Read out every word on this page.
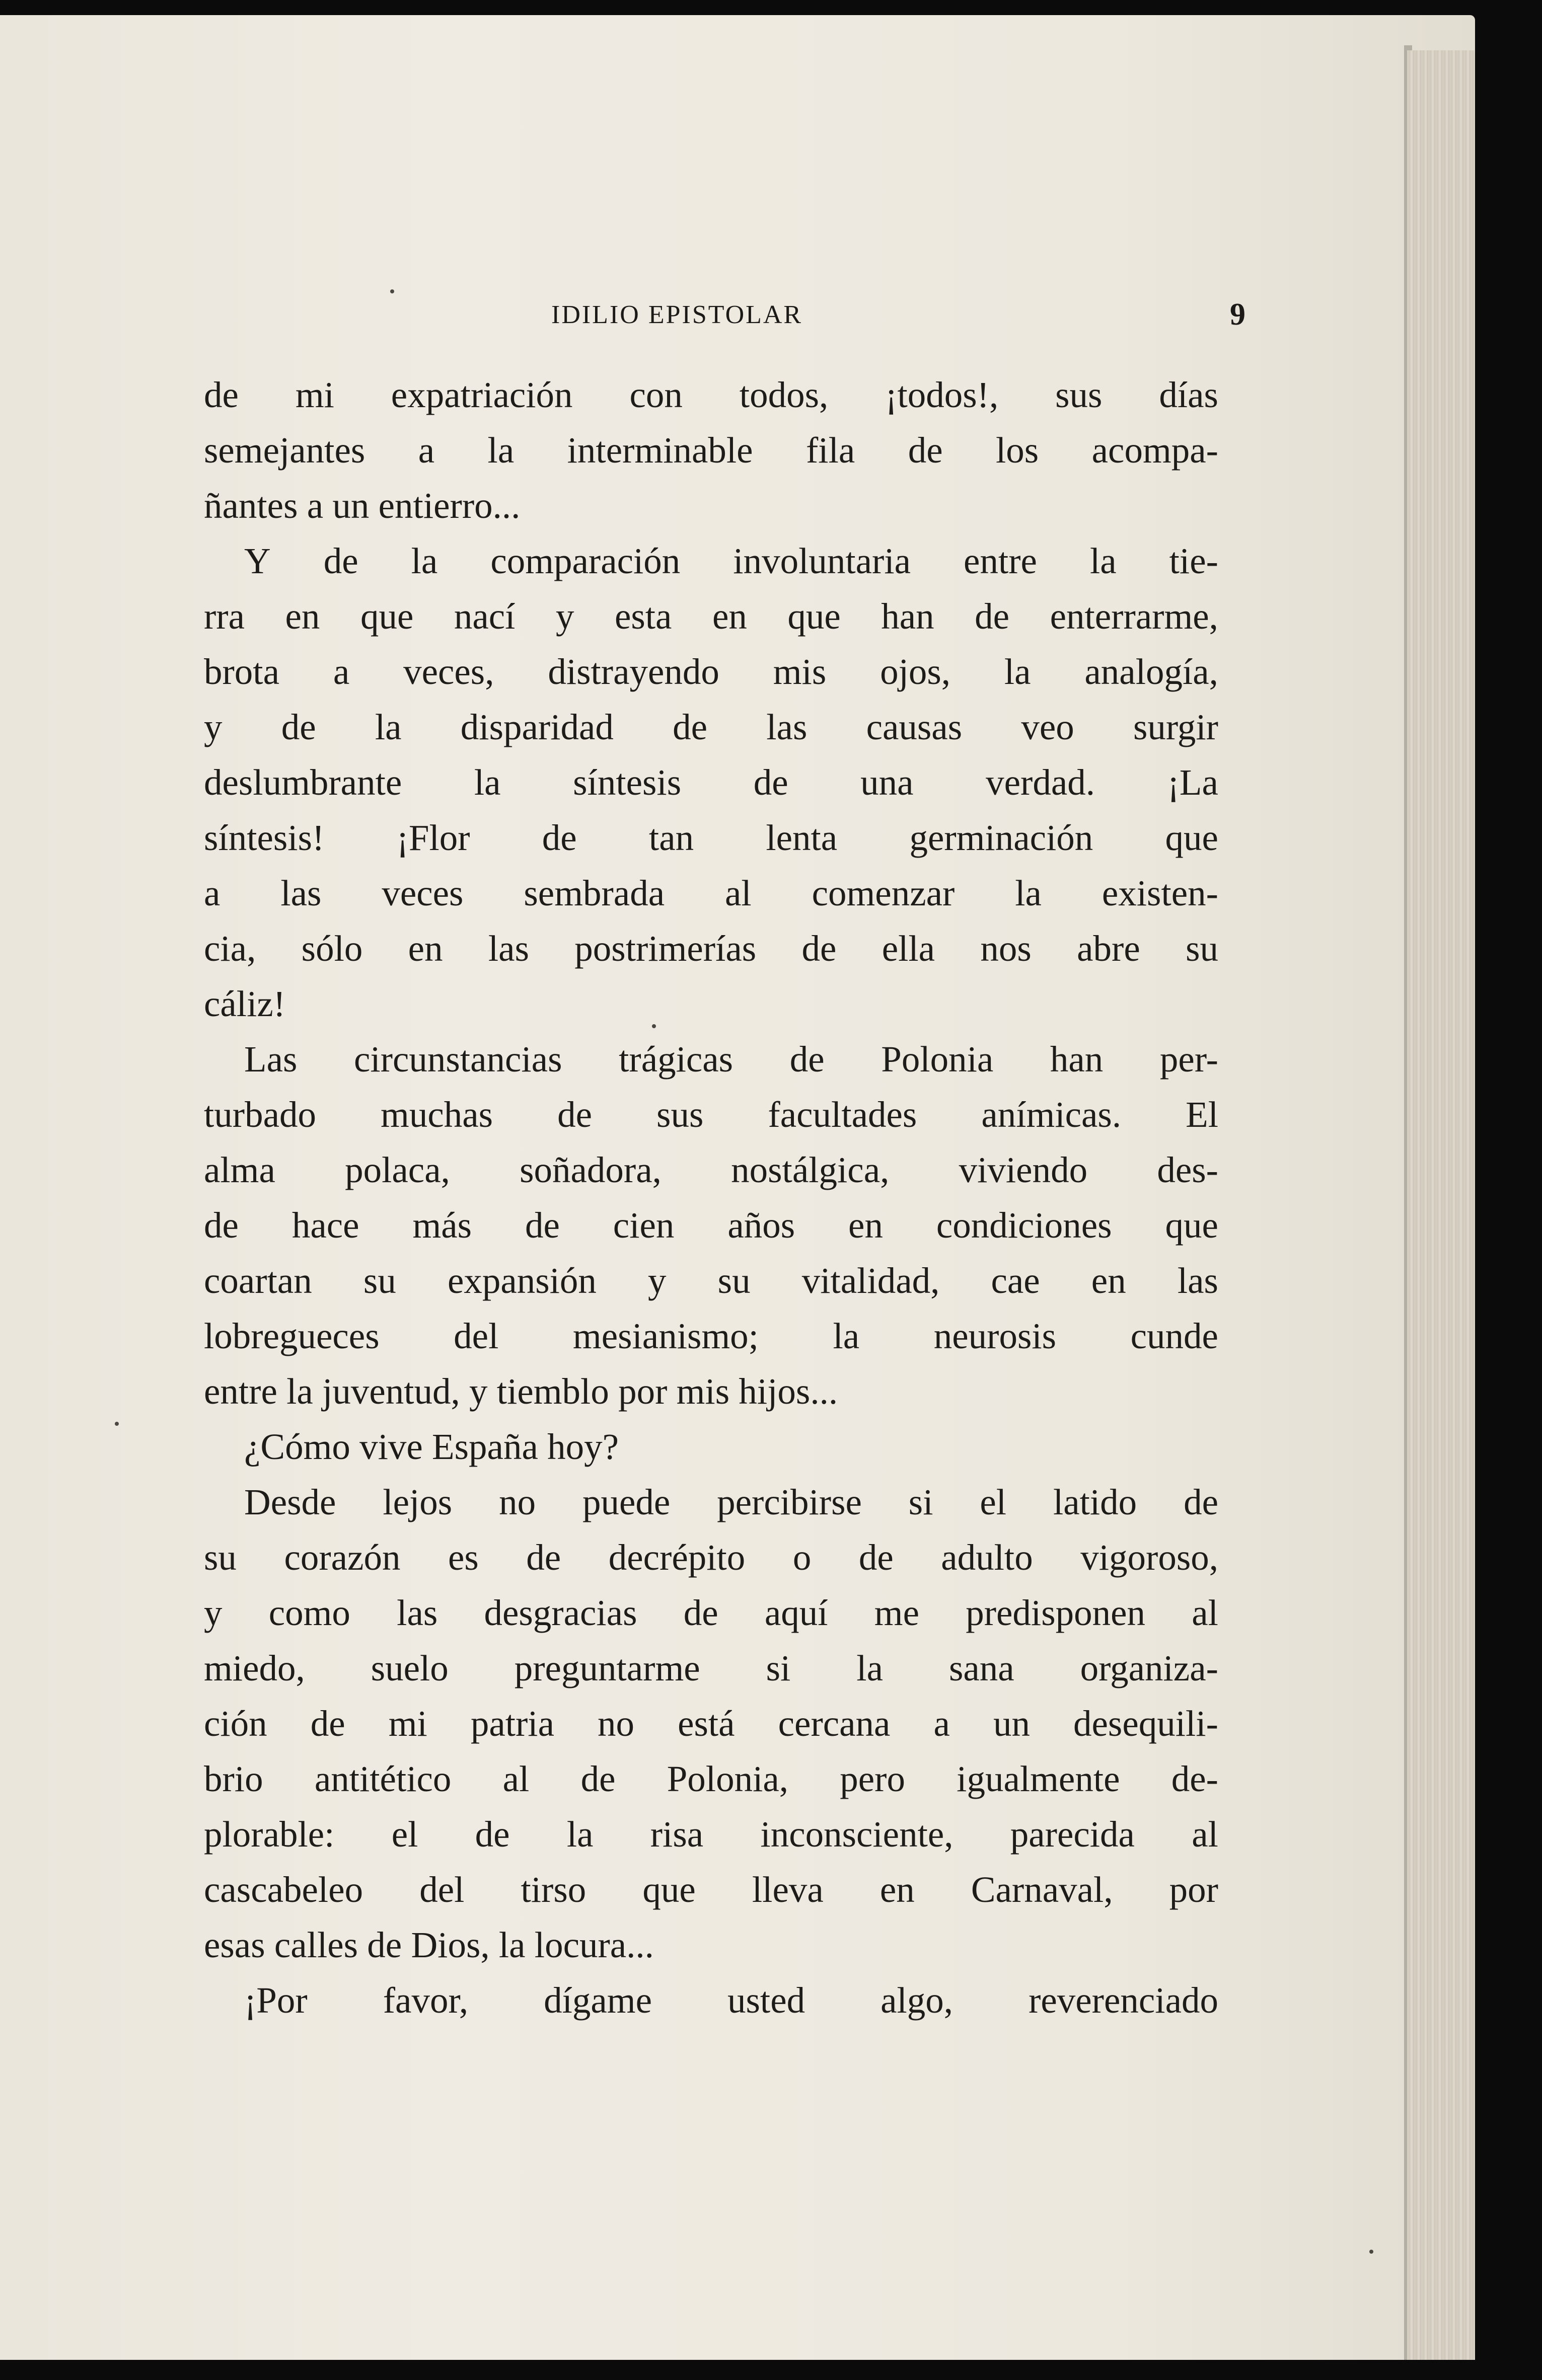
IDILIO EPISTOLAR	9
de mi expatriación con todos, ¡todos!, sus días
semejantes a la interminable fila de los acompa-
ñantes a un entierro...
Y de la comparación involuntaria entre la tie-
rra en que nací y esta en que han de enterrarme,
brota a veces, distrayendo mis ojos, la analogía,
y de la disparidad de las causas veo surgir
deslumbrante la síntesis de una verdad. ¡La
síntesis! ¡Flor de tan lenta germinación que
a las veces sembrada al comenzar la existen-
cia, sólo en las postrimerías de ella nos abre su
cáliz!
Las circunstancias trágicas de Polonia han per-
turbado muchas de sus facultades anímicas. El
alma polaca, soñadora, nostálgica, viviendo des-
de hace más de cien años en condiciones que
coartan su expansión y su vitalidad, cae en las
lobregueces del mesianismo; la neurosis cunde
entre la juventud, y tiemblo por mis hijos...
¿Cómo vive España hoy?
Desde lejos no puede percibirse si el latido de
su corazón es de decrépito o de adulto vigoroso,
y como las desgracias de aquí me predisponen al
miedo, suelo preguntarme si la sana organiza-
ción de mi patria no está cercana a un desequili-
brio antitético al de Polonia, pero igualmente de-
plorable: el de la risa inconsciente, parecida al
cascabeleo del tirso que lleva en Carnaval, por
esas calles de Dios, la locura...
¡Por favor, dígame usted algo, reverenciado
